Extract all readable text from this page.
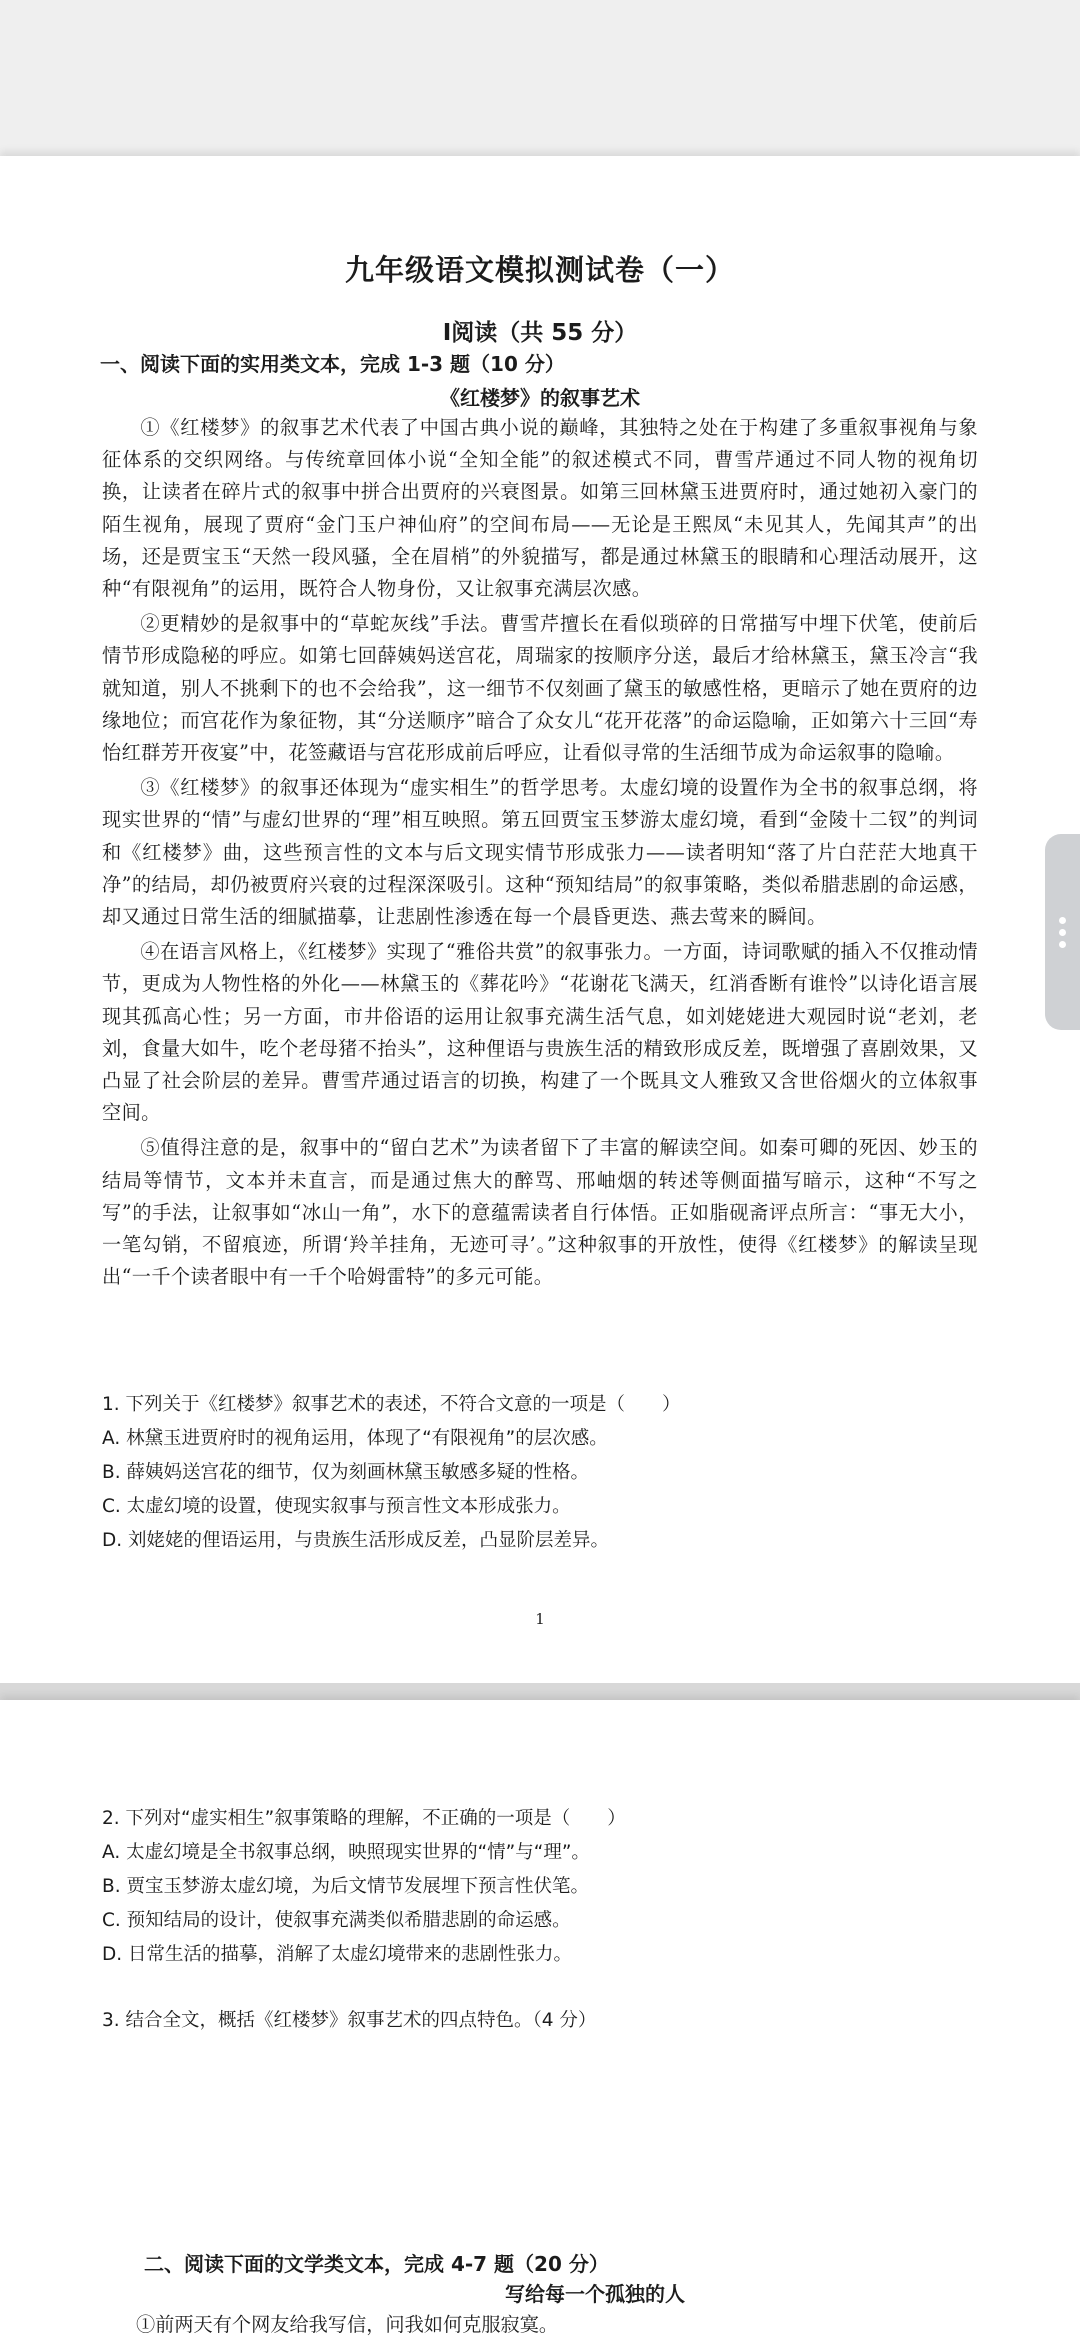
九年级语文模拟测试卷（一）
Ⅰ阅读（共 55 分）

一、阅读下面的实用类文本，完成 1-3 题（10 分）

《红楼梦》的叙事艺术

①《红楼梦》的叙事艺术代表了中国古典小说的巅峰，其独特之处在于构建了多重叙事视角与象征体系的交织网络。与传统章回体小说“全知全能”的叙述模式不同，曹雪芹通过不同人物的视角切换，让读者在碎片式的叙事中拼合出贾府的兴衰图景。如第三回林黛玉进贾府时，通过她初入豪门的陌生视角，展现了贾府“金门玉户神仙府”的空间布局——无论是王熙凤“未见其人，先闻其声”的出场，还是贾宝玉“天然一段风骚，全在眉梢”的外貌描写，都是通过林黛玉的眼睛和心理活动展开，这种“有限视角”的运用，既符合人物身份，又让叙事充满层次感。

②更精妙的是叙事中的“草蛇灰线”手法。曹雪芹擅长在看似琐碎的日常描写中埋下伏笔，使前后情节形成隐秘的呼应。如第七回薛姨妈送宫花，周瑞家的按顺序分送，最后才给林黛玉，黛玉冷言“我就知道，别人不挑剩下的也不会给我”，这一细节不仅刻画了黛玉的敏感性格，更暗示了她在贾府的边缘地位；而宫花作为象征物，其“分送顺序”暗合了众女儿“花开花落”的命运隐喻，正如第六十三回“寿怡红群芳开夜宴”中，花签藏语与宫花形成前后呼应，让看似寻常的生活细节成为命运叙事的隐喻。

③《红楼梦》的叙事还体现为“虚实相生”的哲学思考。太虚幻境的设置作为全书的叙事总纲，将现实世界的“情”与虚幻世界的“理”相互映照。第五回贾宝玉梦游太虚幻境，看到“金陵十二钗”的判词和《红楼梦》曲，这些预言性的文本与后文现实情节形成张力——读者明知“落了片白茫茫大地真干净”的结局，却仍被贾府兴衰的过程深深吸引。这种“预知结局”的叙事策略，类似希腊悲剧的命运感，却又通过日常生活的细腻描摹，让悲剧性渗透在每一个晨昏更迭、燕去莺来的瞬间。

④在语言风格上，《红楼梦》实现了“雅俗共赏”的叙事张力。一方面，诗词歌赋的插入不仅推动情节，更成为人物性格的外化——林黛玉的《葬花吟》“花谢花飞满天，红消香断有谁怜”以诗化语言展现其孤高心性；另一方面，市井俗语的运用让叙事充满生活气息，如刘姥姥进大观园时说“老刘，老刘，食量大如牛，吃个老母猪不抬头”，这种俚语与贵族生活的精致形成反差，既增强了喜剧效果，又凸显了社会阶层的差异。曹雪芹通过语言的切换，构建了一个既具文人雅致又含世俗烟火的立体叙事空间。

⑤值得注意的是，叙事中的“留白艺术”为读者留下了丰富的解读空间。如秦可卿的死因、妙玉的结局等情节，文本并未直言，而是通过焦大的醉骂、邢岫烟的转述等侧面描写暗示，这种“不写之写”的手法，让叙事如“冰山一角”，水下的意蕴需读者自行体悟。正如脂砚斋评点所言：“事无大小，一笔勾销，不留痕迹，所谓‘羚羊挂角，无迹可寻’。”这种叙事的开放性，使得《红楼梦》的解读呈现出“一千个读者眼中有一千个哈姆雷特”的多元可能。

1. 下列关于《红楼梦》叙事艺术的表述，不符合文意的一项是（　　）
A. 林黛玉进贾府时的视角运用，体现了“有限视角”的层次感。
B. 薛姨妈送宫花的细节，仅为刻画林黛玉敏感多疑的性格。
C. 太虚幻境的设置，使现实叙事与预言性文本形成张力。
D. 刘姥姥的俚语运用，与贵族生活形成反差，凸显阶层差异。

1

2. 下列对“虚实相生”叙事策略的理解，不正确的一项是（　　）
A. 太虚幻境是全书叙事总纲，映照现实世界的“情”与“理”。
B. 贾宝玉梦游太虚幻境，为后文情节发展埋下预言性伏笔。
C. 预知结局的设计，使叙事充满类似希腊悲剧的命运感。
D. 日常生活的描摹，消解了太虚幻境带来的悲剧性张力。
3. 结合全文，概括《红楼梦》叙事艺术的四点特色。（4 分）

二、阅读下面的文学类文本，完成 4-7 题（20 分）

写给每一个孤独的人

①前两天有个网友给我写信，问我如何克服寂寞。
